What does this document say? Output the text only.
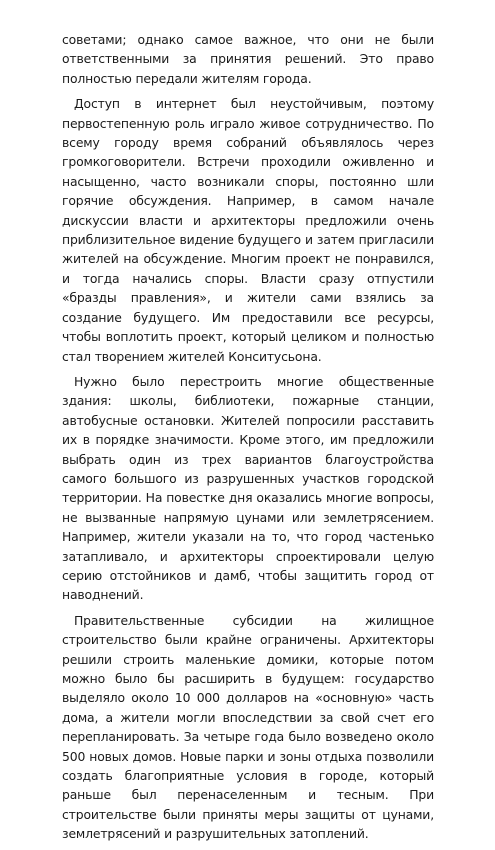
советами; однако самое важное, что они не были ответственными за принятия решений. Это право полностью передали жителям города.

Доступ в интернет был неустойчивым, поэтому первостепенную роль играло живое сотрудничество. По всему городу время собраний объявлялось через громкоговорители. Встречи проходили оживленно и насыщенно, часто возникали споры, постоянно шли горячие обсуждения. Например, в самом начале дискуссии власти и архитекторы предложили очень приблизительное видение будущего и затем пригласили жителей на обсуждение. Многим проект не понравился, и тогда начались споры. Власти сразу отпустили «бразды правления», и жители сами взялись за создание будущего. Им предоставили все ресурсы, чтобы воплотить проект, который целиком и полностью стал творением жителей Конситусьона.

Нужно было перестроить многие общественные здания: школы, библиотеки, пожарные станции, автобусные остановки. Жителей попросили расставить их в порядке значимости. Кроме этого, им предложили выбрать один из трех вариантов благоустройства самого большого из разрушенных участков городской территории. На повестке дня оказались многие вопросы, не вызванные напрямую цунами или землетрясением. Например, жители указали на то, что город частенько затапливало, и архитекторы спроектировали целую серию отстойников и дамб, чтобы защитить город от наводнений.

Правительственные субсидии на жилищное строительство были крайне ограничены. Архитекторы решили строить маленькие домики, которые потом можно было бы расширить в будущем: государство выделяло около 10 000 долларов на «основную» часть дома, а жители могли впоследствии за свой счет его перепланировать. За четыре года было возведено около 500 новых домов. Новые парки и зоны отдыха позволили создать благоприятные условия в городе, который раньше был перенаселенным и тесным. При строительстве были приняты меры защиты от цунами, землетрясений и разрушительных затоплений.
